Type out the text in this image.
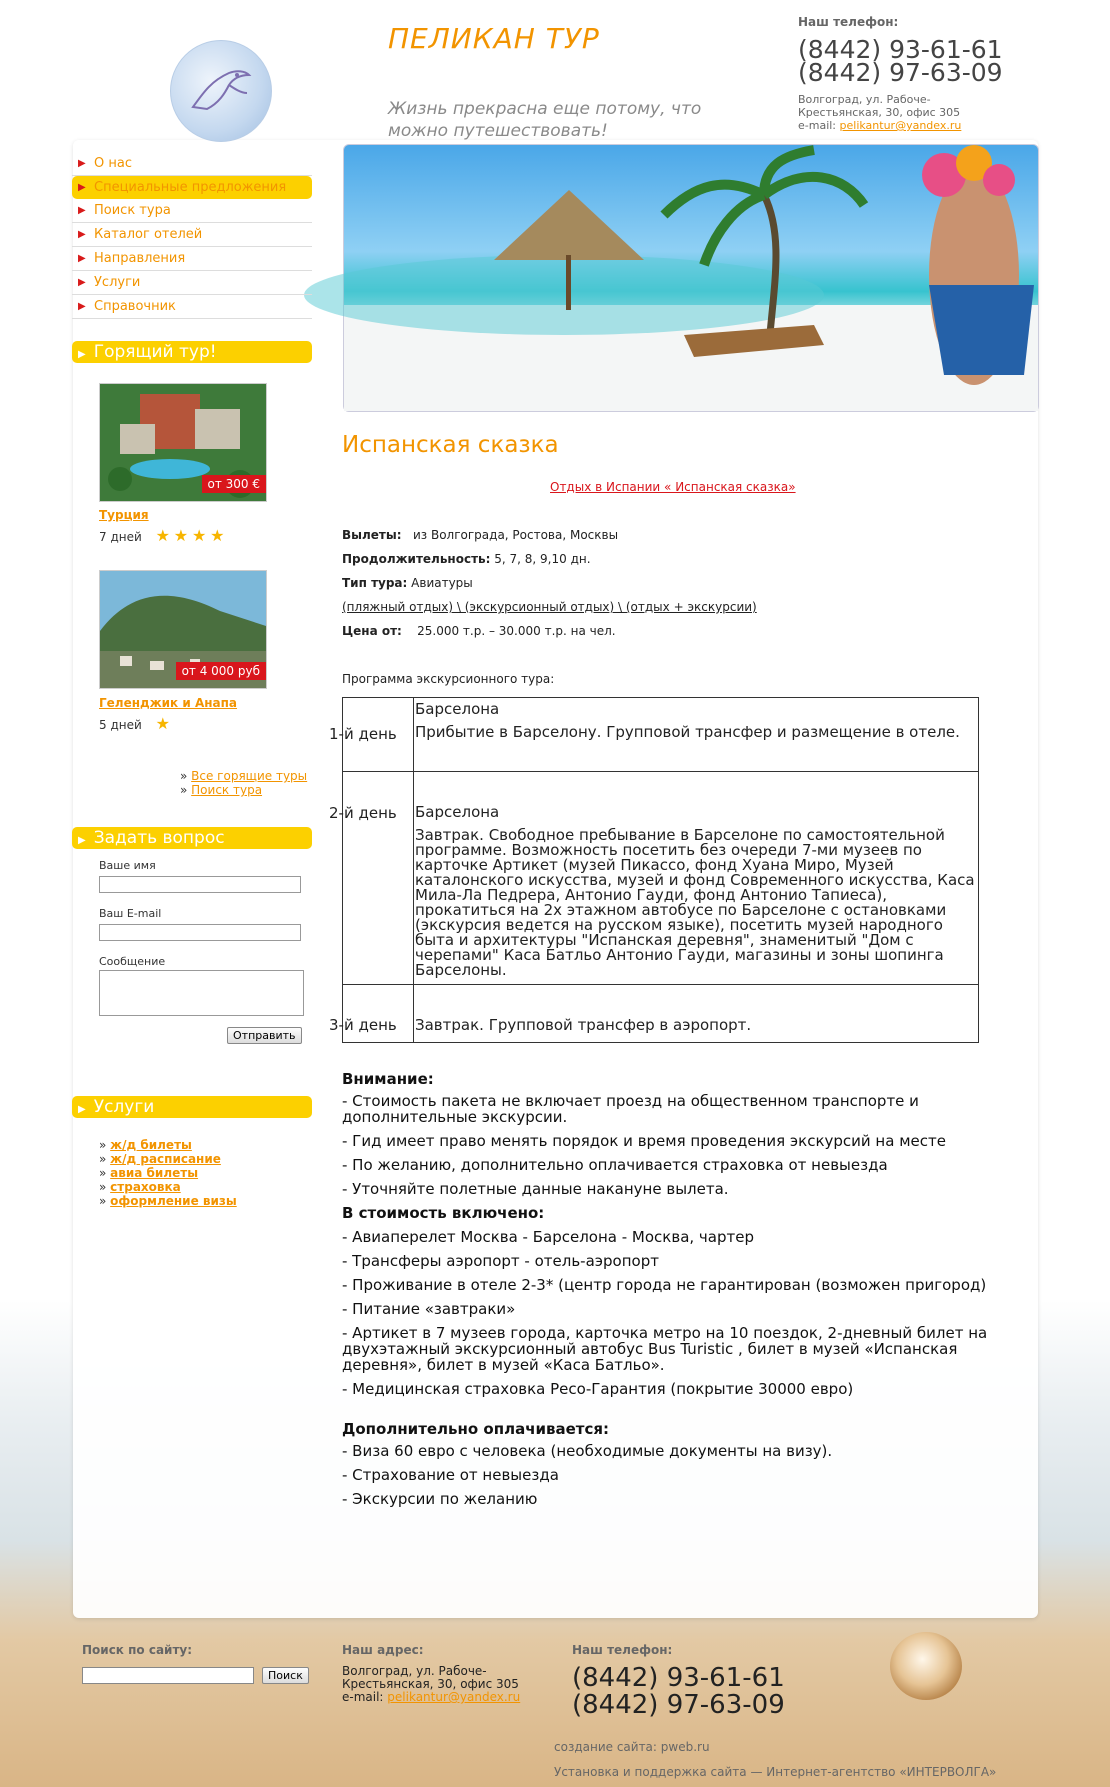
ПЕЛИКАН ТУР
Жизнь прекрасна еще потому, что можно путешествовать!
Наш телефон:
(8442) 93-61-61
(8442) 97-63-09
Волгоград, ул. Рабоче-Крестьянская, 30, офис 305
e-mail: pelikantur@yandex.ru
▶ О нас
▶ Специальные предложения
▶ Поиск тура
▶ Каталог отелей
▶ Направления
▶ Услуги
▶ Справочник
▶ Горящий тур!
от 300 €
Турция
7 дней ★ ★ ★ ★
от 4 000 руб
Геленджик и Анапа
5 дней ★
» Все горящие туры
» Поиск тура
▶ Задать вопрос
Ваше имя
Ваш E-mail
Сообщение
Отправить
▶ Услуги
» ж/д билеты
» ж/д расписание
» авиа билеты
» страховка
» оформление визы
Испанская сказка
Отдых в Испании « Испанская сказка»
Вылеты: из Волгограда, Ростова, Москвы
Продолжительность: 5, 7, 8, 9,10 дн.
Тип тура: Авиатуры
(пляжный отдых) \ (экскурсионный отдых) \ (отдых + экскурсии)
Цена от: 25.000 т.р. – 30.000 т.р. на чел.
Программа экскурсионного тура:
1-й день	Барселона
Прибытие в Барселону. Групповой трансфер и размещение в отеле.

2-й день	Барселона
Завтрак. Свободное пребывание в Барселоне по самостоятельной программе. Возможность посетить без очереди 7-ми музеев по карточке Артикет (музей Пикассо, фонд Хуана Миро, Музей каталонского искусства, музей и фонд Современного искусства, Каса Мила-Ла Педрера, Антонио Гауди, фонд Антонио Тапиеса), прокатиться на 2х этажном автобусе по Барселоне с остановками (экскурсия ведется на русском языке), посетить музей народного быта и архитектуры "Испанская деревня", знаменитый "Дом с черепами" Каса Батльо Антонио Гауди, магазины и зоны шопинга Барселоны.

3-й день	Завтрак. Групповой трансфер в аэропорт.
Внимание:
- Стоимость пакета не включает проезд на общественном транспорте и дополнительные экскурсии.
- Гид имеет право менять порядок и время проведения экскурсий на месте
- По желанию, дополнительно оплачивается страховка от невыезда
- Уточняйте полетные данные накануне вылета.
В стоимость включено:
- Авиаперелет Москва - Барселона - Москва, чартер
- Трансферы аэропорт - отель-аэропорт
- Проживание в отеле 2-3* (центр города не гарантирован (возможен пригород)
- Питание «завтраки»
- Артикет в 7 музеев города, карточка метро на 10 поездок, 2-дневный билет на двухэтажный экскурсионный автобус Bus Turistic , билет в музей «Испанская деревня», билет в музей «Каса Батльо».
- Медицинская страховка Ресо-Гарантия (покрытие 30000 евро)
Дополнительно оплачивается:
- Виза 60 евро с человека (необходимые документы на визу).
- Страхование от невыезда
- Экскурсии по желанию
Поиск по сайту:
Поиск
Наш адрес:
Волгоград, ул. Рабоче-Крестьянская, 30, офис 305
e-mail: pelikantur@yandex.ru
Наш телефон:
(8442) 93-61-61
(8442) 97-63-09
создание сайта: pweb.ru
Установка и поддержка сайта — Интернет-агентство «ИНТЕРВОЛГА»
